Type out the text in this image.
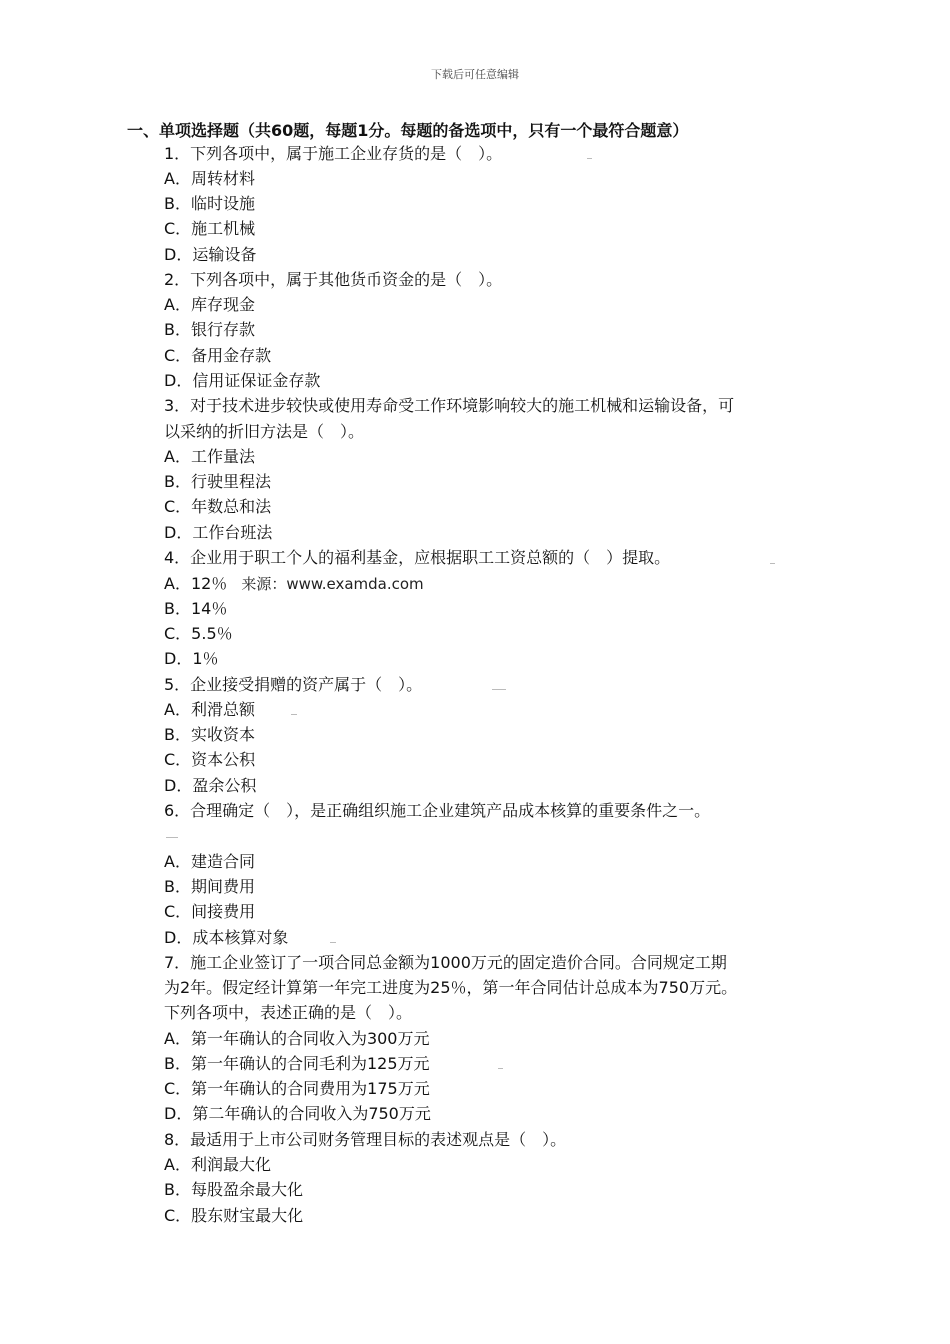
下载后可任意编辑
一、单项选择题（共60题，每题1分。每题的备选项中，只有一个最符合题意）
1．下列各项中，属于施工企业存货的是（　）。
A．周转材料
B．临时设施
C．施工机械
D．运输设备
2．下列各项中，属于其他货币资金的是（　）。
A．库存现金
B．银行存款
C．备用金存款
D．信用证保证金存款
3．对于技术进步较快或使用寿命受工作环境影响较大的施工机械和运输设备，可
以采纳的折旧方法是（　）。
A．工作量法
B．行驶里程法
C．年数总和法
D．工作台班法
4．企业用于职工个人的福利基金，应根据职工工资总额的（　）提取。
A．12％ 来源：www.examda.com
B．14％
C．5.5％
D．1％
5．企业接受捐赠的资产属于（　）。
A．利滑总额
B．实收资本
C．资本公积
D．盈余公积
6．合理确定（　），是正确组织施工企业建筑产品成本核算的重要条件之一。
A．建造合同
B．期间费用
C．间接费用
D．成本核算对象
7．施工企业签订了一项合同总金额为1000万元的固定造价合同。合同规定工期
为2年。假定经计算第一年完工进度为25％，第一年合同估计总成本为750万元。
下列各项中，表述正确的是（　）。
A．第一年确认的合同收入为300万元
B．第一年确认的合同毛利为125万元
C．第一年确认的合同费用为175万元
D．第二年确认的合同收入为750万元
8．最适用于上市公司财务管理目标的表述观点是（　）。
A．利润最大化
B．每股盈余最大化
C．股东财宝最大化
